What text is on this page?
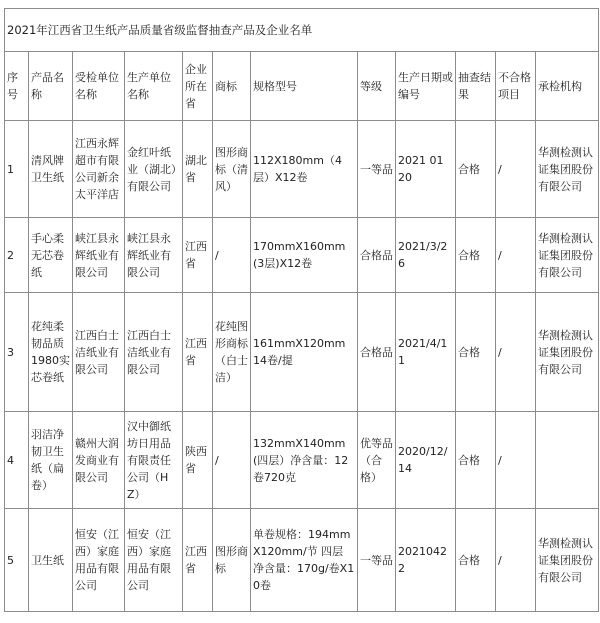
2021年江西省卫生纸产品质量省级监督抽查产品及企业名单											
序号	产品名称	受检单位名称	生产单位名称	企业所在省	商标	规格型号	等级	生产日期或编号	抽查结果	不合格项目	承检机构
1	清风牌卫生纸	江西永辉超市有限公司新余太平洋店	金红叶纸业（湖北）有限公司	湖北省	图形商标（清风）	112X180mm（4层）X12卷	一等品	2021 01 20	合格	/	华测检测认证集团股份有限公司
2	手心柔无芯卷纸	峡江县永辉纸业有限公司	峡江县永辉纸业有限公司	江西省	/	170mmX160mm(3层)X12卷	合格品	2021/3/26	合格	/	华测检测认证集团股份有限公司
3	花纯柔韧品质1980实芯卷纸	江西白士洁纸业有限公司	江西白士洁纸业有限公司	江西省	花纯图形商标（白士洁）	161mmX120mm 14卷/提	合格品	2021/4/11	合格	/	华测检测认证集团股份有限公司
4	羽洁净韧卫生纸（扁卷）	赣州大润发商业有限公司	汉中御纸坊日用品有限责任公司（HZ）	陕西省	/	132mmX140mm(四层）净含量：12卷720克	优等品（合格）	2020/12/14	合格	/	
5	卫生纸	恒安（江西）家庭用品有限公司	恒安（江西）家庭用品有限公司	江西省	图形商标	单卷规格：194mmX120mm/节 四层 净含量：170g/卷X10卷	一等品	20210422	合格	/	华测检测认证集团股份有限公司
